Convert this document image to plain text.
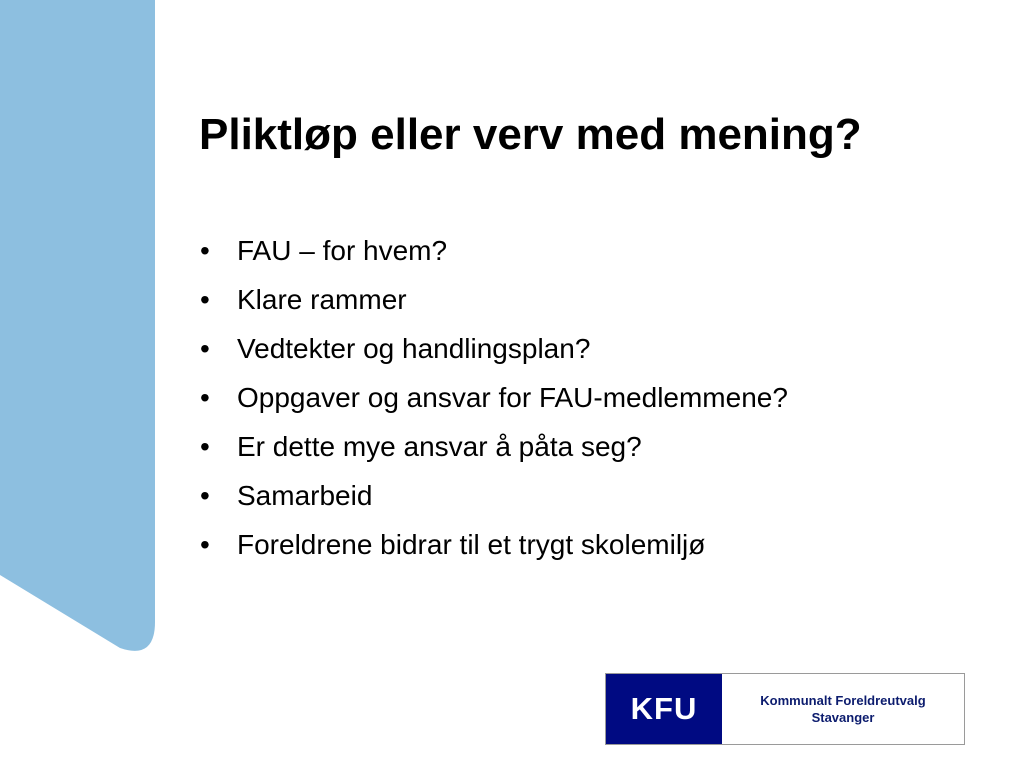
Pliktløp eller verv med mening?
• FAU – for hvem?
• Klare rammer
• Vedtekter og handlingsplan?
• Oppgaver og ansvar for FAU-medlemmene?
• Er dette mye ansvar å påta seg?
• Samarbeid
• Foreldrene bidrar til et trygt skolemiljø
KFU	Kommunalt Foreldreutvalg
Stavanger
